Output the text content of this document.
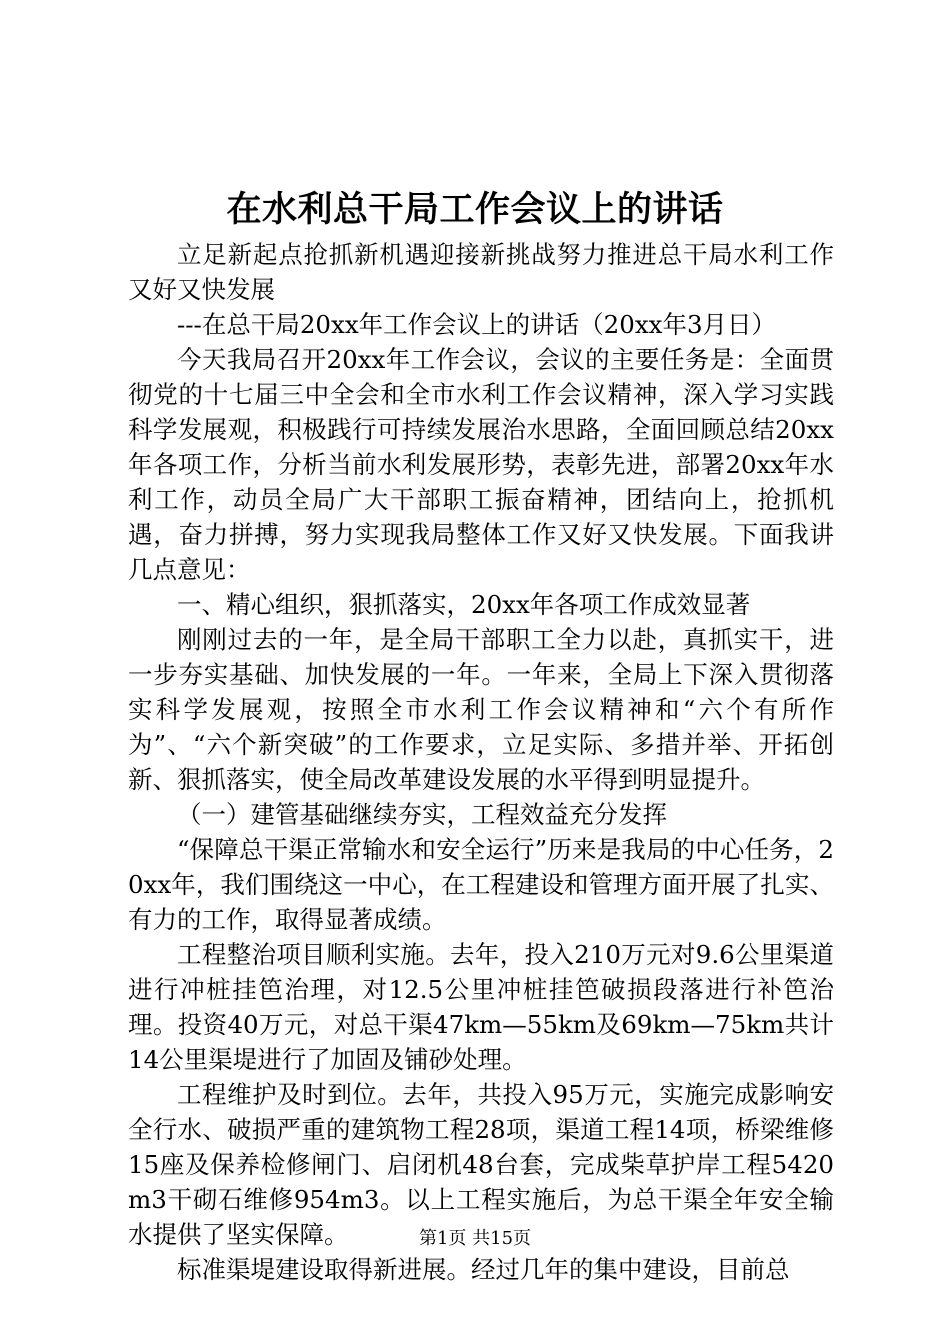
在水利总干局工作会议上的讲话

立足新起点抢抓新机遇迎接新挑战努力推进总干局水利工作又好又快发展

---在总干局20xx年工作会议上的讲话（20xx年3月日）

今天我局召开20xx年工作会议，会议的主要任务是：全面贯彻党的十七届三中全会和全市水利工作会议精神，深入学习实践科学发展观，积极践行可持续发展治水思路，全面回顾总结20xx年各项工作，分析当前水利发展形势，表彰先进，部署20xx年水利工作，动员全局广大干部职工振奋精神，团结向上，抢抓机遇，奋力拼搏，努力实现我局整体工作又好又快发展。下面我讲几点意见：

一、精心组织，狠抓落实，20xx年各项工作成效显著

刚刚过去的一年，是全局干部职工全力以赴，真抓实干，进一步夯实基础、加快发展的一年。一年来，全局上下深入贯彻落实科学发展观，按照全市水利工作会议精神和“六个有所作为”、“六个新突破”的工作要求，立足实际、多措并举、开拓创新、狠抓落实，使全局改革建设发展的水平得到明显提升。

（一）建管基础继续夯实，工程效益充分发挥

“保障总干渠正常输水和安全运行”历来是我局的中心任务，20xx年，我们围绕这一中心，在工程建设和管理方面开展了扎实、有力的工作，取得显著成绩。

工程整治项目顺利实施。去年，投入210万元对9.6公里渠道进行冲桩挂笆治理，对12.5公里冲桩挂笆破损段落进行补笆治理。投资40万元，对总干渠47km—55km及69km—75km共计14公里渠堤进行了加固及铺砂处理。

工程维护及时到位。去年，共投入95万元，实施完成影响安全行水、破损严重的建筑物工程28项，渠道工程14项，桥梁维修15座及保养检修闸门、启闭机48台套，完成柴草护岸工程5420m3干砌石维修954m3。以上工程实施后，为总干渠全年安全输水提供了坚实保障。

标准渠堤建设取得新进展。经过几年的集中建设，目前总

第1页 共15页
